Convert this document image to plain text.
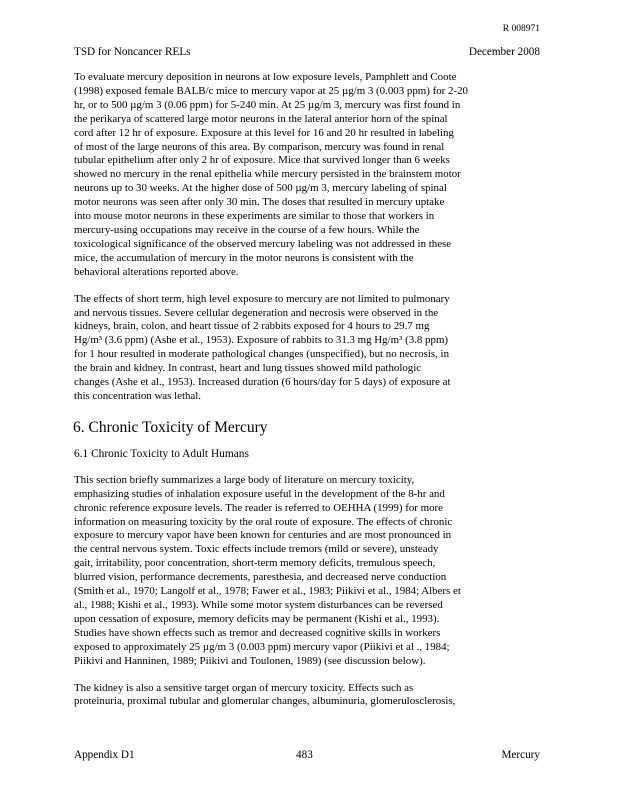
R 008971
TSD for Noncancer RELs	December 2008
To evaluate mercury deposition in neurons at low exposure levels, Pamphlett and Coote
(1998) exposed female BALB/c mice to mercury vapor at 25 µg/m 3 (0.003 ppm) for 2-20
hr, or to 500 µg/m 3 (0.06 ppm) for 5-240 min. At 25 µg/m 3, mercury was first found in
the perikarya of scattered large motor neurons in the lateral anterior horn of the spinal
cord after 12 hr of exposure. Exposure at this level for 16 and 20 hr resulted in labeling
of most of the large neurons of this area. By comparison, mercury was found in renal
tubular epithelium after only 2 hr of exposure. Mice that survived longer than 6 weeks
showed no mercury in the renal epithelia while mercury persisted in the brainstem motor
neurons up to 30 weeks. At the higher dose of 500 µg/m 3, mercury labeling of spinal
motor neurons was seen after only 30 min. The doses that resulted in mercury uptake
into mouse motor neurons in these experiments are similar to those that workers in
mercury-using occupations may receive in the course of a few hours. While the
toxicological significance of the observed mercury labeling was not addressed in these
mice, the accumulation of mercury in the motor neurons is consistent with the
behavioral alterations reported above.
The effects of short term, high level exposure to mercury are not limited to pulmonary
and nervous tissues. Severe cellular degeneration and necrosis were observed in the
kidneys, brain, colon, and heart tissue of 2 rabbits exposed for 4 hours to 29.7 mg
Hg/m³ (3.6 ppm) (Ashe et al., 1953). Exposure of rabbits to 31.3 mg Hg/m³ (3.8 ppm)
for 1 hour resulted in moderate pathological changes (unspecified), but no necrosis, in
the brain and kidney. In contrast, heart and lung tissues showed mild pathologic
changes (Ashe et al., 1953). Increased duration (6 hours/day for 5 days) of exposure at
this concentration was lethal.
6. Chronic Toxicity of Mercury
6.1 Chronic Toxicity to Adult Humans
This section briefly summarizes a large body of literature on mercury toxicity,
emphasizing studies of inhalation exposure useful in the development of the 8-hr and
chronic reference exposure levels. The reader is referred to OEHHA (1999) for more
information on measuring toxicity by the oral route of exposure. The effects of chronic
exposure to mercury vapor have been known for centuries and are most pronounced in
the central nervous system. Toxic effects include tremors (mild or severe), unsteady
gait, irritability, poor concentration, short-term memory deficits, tremulous speech,
blurred vision, performance decrements, paresthesia, and decreased nerve conduction
(Smith et al., 1970; Langolf et al., 1978; Fawer et al., 1983; Piikivi et al., 1984; Albers et
al., 1988; Kishi et al., 1993). While some motor system disturbances can be reversed
upon cessation of exposure, memory deficits may be permanent (Kishi et al., 1993).
Studies have shown effects such as tremor and decreased cognitive skills in workers
exposed to approximately 25 µg/m 3 (0.003 ppm) mercury vapor (Piikivi et al ., 1984;
Piikivi and Hanninen, 1989; Piikivi and Toulonen, 1989) (see discussion below).
The kidney is also a sensitive target organ of mercury toxicity. Effects such as
proteinuria, proximal tubular and glomerular changes, albuminuria, glomerulosclerosis,
Appendix D1	483	Mercury
